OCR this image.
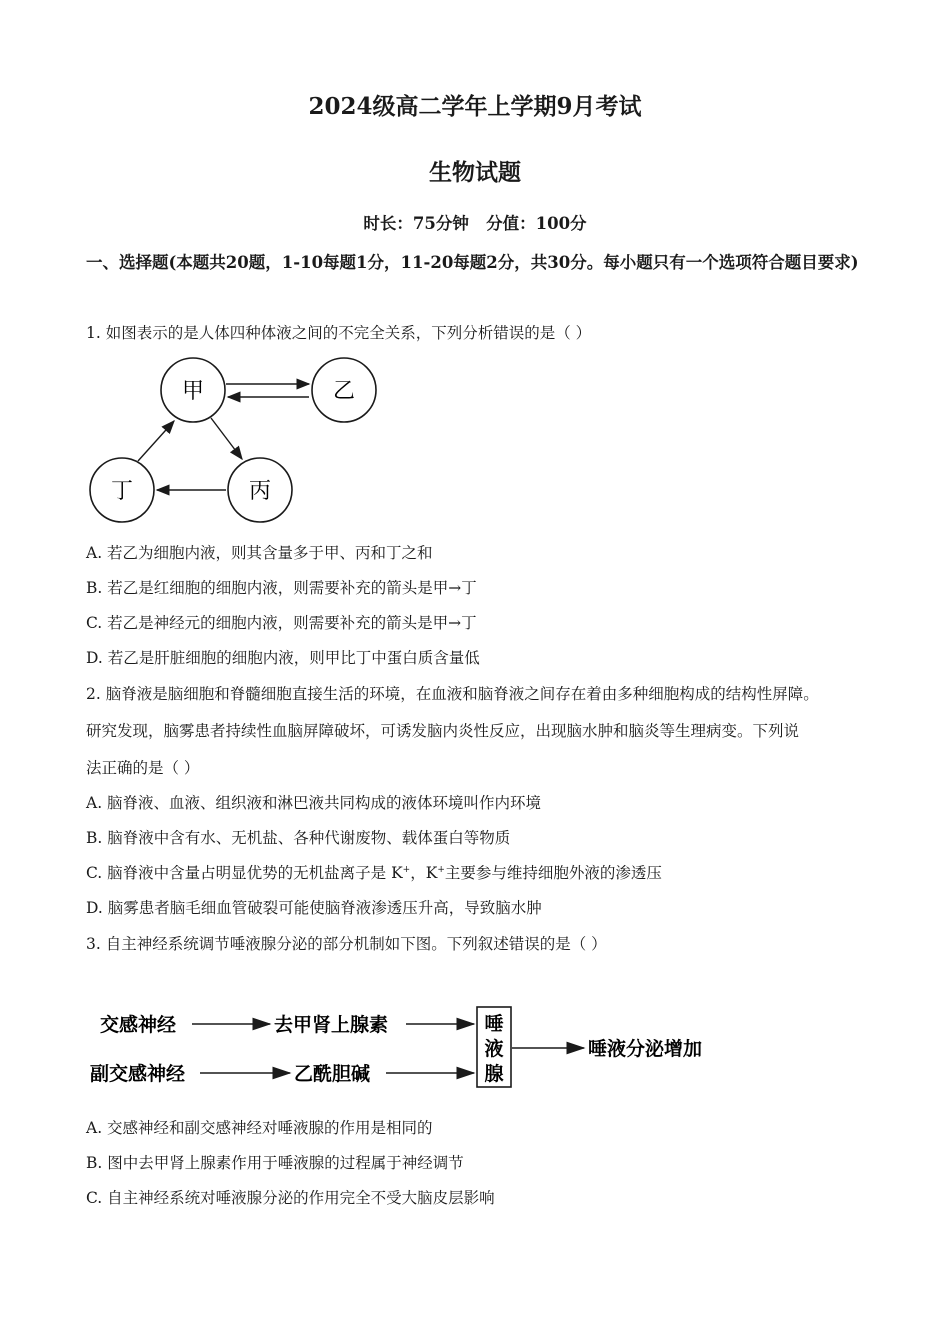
2024级高二学年上学期9月考试
生物试题
时长：75分钟   分值：100分
一、选择题(本题共20题，1-10每题1分，11-20每题2分，共30分。每小题只有一个选项符合题目要求)
1. 如图表示的是人体四种体液之间的不完全关系，下列分析错误的是（ ）
甲	乙
丙
丁
A. 若乙为细胞内液，则其含量多于甲、丙和丁之和
B. 若乙是红细胞的细胞内液，则需要补充的箭头是甲→丁
C. 若乙是神经元的细胞内液，则需要补充的箭头是甲→丁
D. 若乙是肝脏细胞的细胞内液，则甲比丁中蛋白质含量低
2. 脑脊液是脑细胞和脊髓细胞直接生活的环境，在血液和脑脊液之间存在着由多种细胞构成的结构性屏障。
研究发现，脑雾患者持续性血脑屏障破坏，可诱发脑内炎性反应，出现脑水肿和脑炎等生理病变。下列说
法正确的是（ ）
A. 脑脊液、血液、组织液和淋巴液共同构成的液体环境叫作内环境
B. 脑脊液中含有水、无机盐、各种代谢废物、载体蛋白等物质
C. 脑脊液中含量占明显优势的无机盐离子是 K+，K+主要参与维持细胞外液的渗透压
D. 脑雾患者脑毛细血管破裂可能使脑脊液渗透压升高，导致脑水肿
3. 自主神经系统调节唾液腺分泌的部分机制如下图。下列叙述错误的是（ ）
交感神经	去甲肾上腺素
副交感神经	乙酰胆碱
唾
液
腺
唾液分泌增加
A. 交感神经和副交感神经对唾液腺的作用是相同的
B. 图中去甲肾上腺素作用于唾液腺的过程属于神经调节
C. 自主神经系统对唾液腺分泌的作用完全不受大脑皮层影响
